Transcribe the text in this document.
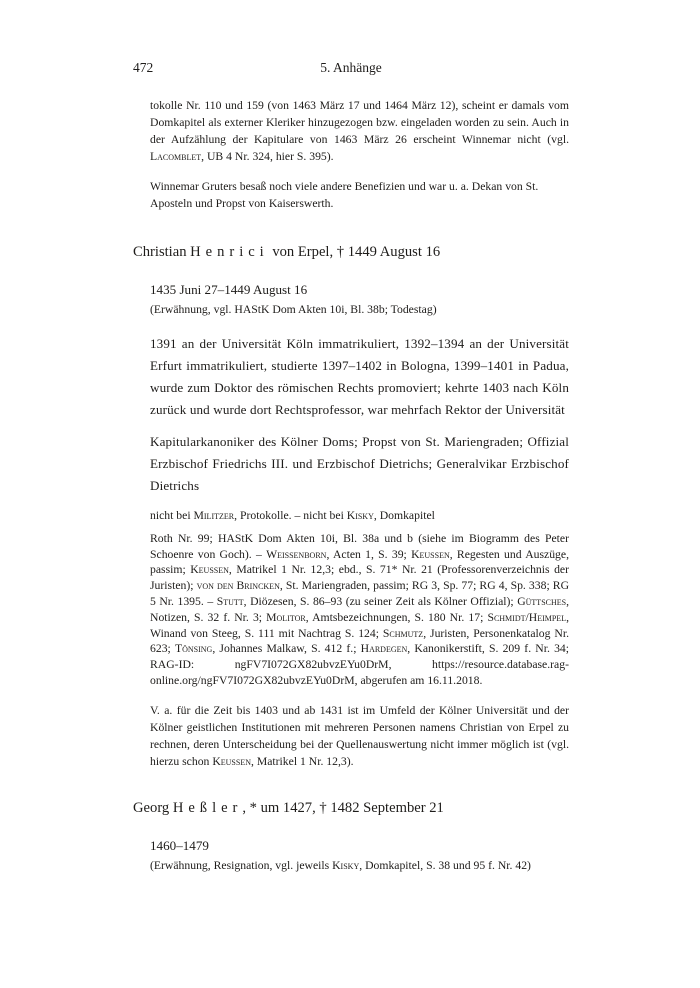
472	5. Anhänge

tokolle Nr. 110 und 159 (von 1463 März 17 und 1464 März 12), scheint er damals vom Domkapitel als externer Kleriker hinzugezogen bzw. eingeladen worden zu sein. Auch in der Aufzählung der Kapitulare von 1463 März 26 erscheint Winnemar nicht (vgl. Lacomblet, UB 4 Nr. 324, hier S. 395).

Winnemar Gruters besaß noch viele andere Benefizien und war u. a. Dekan von St. Aposteln und Propst von Kaiserswerth.

Christian Henrici von Erpel, † 1449 August 16
1435 Juni 27–1449 August 16
(Erwähnung, vgl. HAStK Dom Akten 10i, Bl. 38b; Todestag)

1391 an der Universität Köln immatrikuliert, 1392–1394 an der Universität Erfurt immatrikuliert, studierte 1397–1402 in Bologna, 1399–1401 in Padua, wurde zum Doktor des römischen Rechts promoviert; kehrte 1403 nach Köln zurück und wurde dort Rechtsprofessor, war mehrfach Rektor der Universität

Kapitularkanoniker des Kölner Doms; Propst von St. Mariengraden; Offizial Erzbischof Friedrichs III. und Erzbischof Dietrichs; Generalvikar Erzbischof Dietrichs

nicht bei Militzer, Protokolle. – nicht bei Kisky, Domkapitel

Roth Nr. 99; HAStK Dom Akten 10i, Bl. 38a und b (siehe im Biogramm des Peter Schoenre von Goch). – Weissenborn, Acten 1, S. 39; Keussen, Regesten und Auszüge, passim; Keussen, Matrikel 1 Nr. 12,3; ebd., S. 71* Nr. 21 (Professorenverzeichnis der Juristen); von den Brincken, St. Mariengraden, passim; RG 3, Sp. 77; RG 4, Sp. 338; RG 5 Nr. 1395. – Stutt, Diözesen, S. 86–93 (zu seiner Zeit als Kölner Offizial); Güttsches, Notizen, S. 32 f. Nr. 3; Molitor, Amtsbezeichnungen, S. 180 Nr. 17; Schmidt/Heimpel, Winand von Steeg, S. 111 mit Nachtrag S. 124; Schmutz, Juristen, Personenkatalog Nr. 623; Tönsing, Johannes Malkaw, S. 412 f.; Hardegen, Kanonikerstift, S. 209 f. Nr. 34; RAG-ID: ngFV7I072GX82ubvzEYu0DrM, https://resource.database.rag-online.org/ngFV7I072GX82ubvzEYu0DrM, abgerufen am 16.11.2018.

V. a. für die Zeit bis 1403 und ab 1431 ist im Umfeld der Kölner Universität und der Kölner geistlichen Institutionen mit mehreren Personen namens Christian von Erpel zu rechnen, deren Unterscheidung bei der Quellenauswertung nicht immer möglich ist (vgl. hierzu schon Keussen, Matrikel 1 Nr. 12,3).

Georg Heßler, * um 1427, † 1482 September 21
1460–1479
(Erwähnung, Resignation, vgl. jeweils Kisky, Domkapitel, S. 38 und 95 f. Nr. 42)
